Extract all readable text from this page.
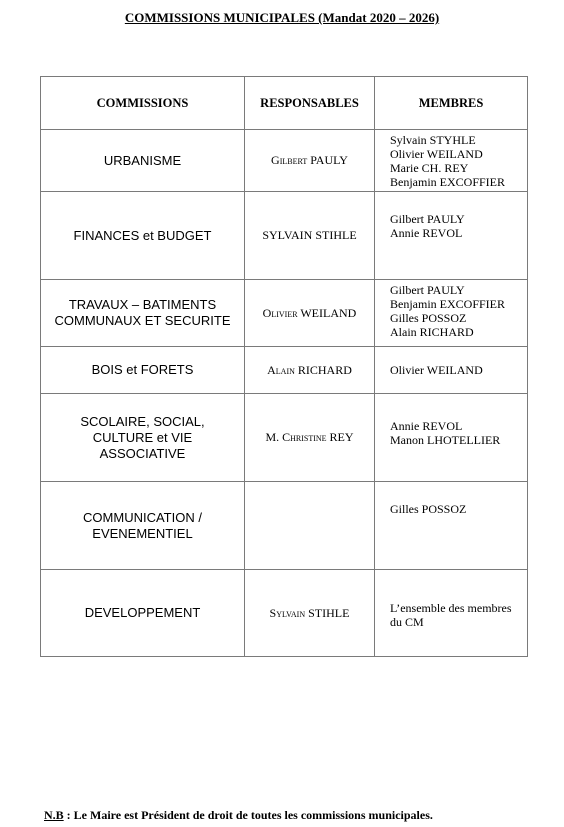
COMMISSIONS MUNICIPALES (Mandat 2020 – 2026)
COMMISSIONS	RESPONSABLES	MEMBRES
URBANISME	Gilbert PAULY	Sylvain STYHLE
Olivier WEILAND
Marie CH. REY
Benjamin EXCOFFIER

FINANCES et BUDGET	SYLVAIN STIHLE	Gilbert PAULY
Annie REVOL

TRAVAUX – BATIMENTS
COMMUNAUX ET SECURITE	Olivier WEILAND	Gilbert PAULY
Benjamin EXCOFFIER
Gilles POSSOZ
Alain RICHARD

BOIS et FORETS	Alain RICHARD	Olivier WEILAND

SCOLAIRE, SOCIAL,
CULTURE et VIE
ASSOCIATIVE	M. Christine REY	Annie REVOL
Manon LHOTELLIER

COMMUNICATION /
EVENEMENTIEL		Gilles POSSOZ

DEVELOPPEMENT	Sylvain STIHLE	L’ensemble des membres du CM
N.B : Le Maire est Président de droit de toutes les commissions municipales.
